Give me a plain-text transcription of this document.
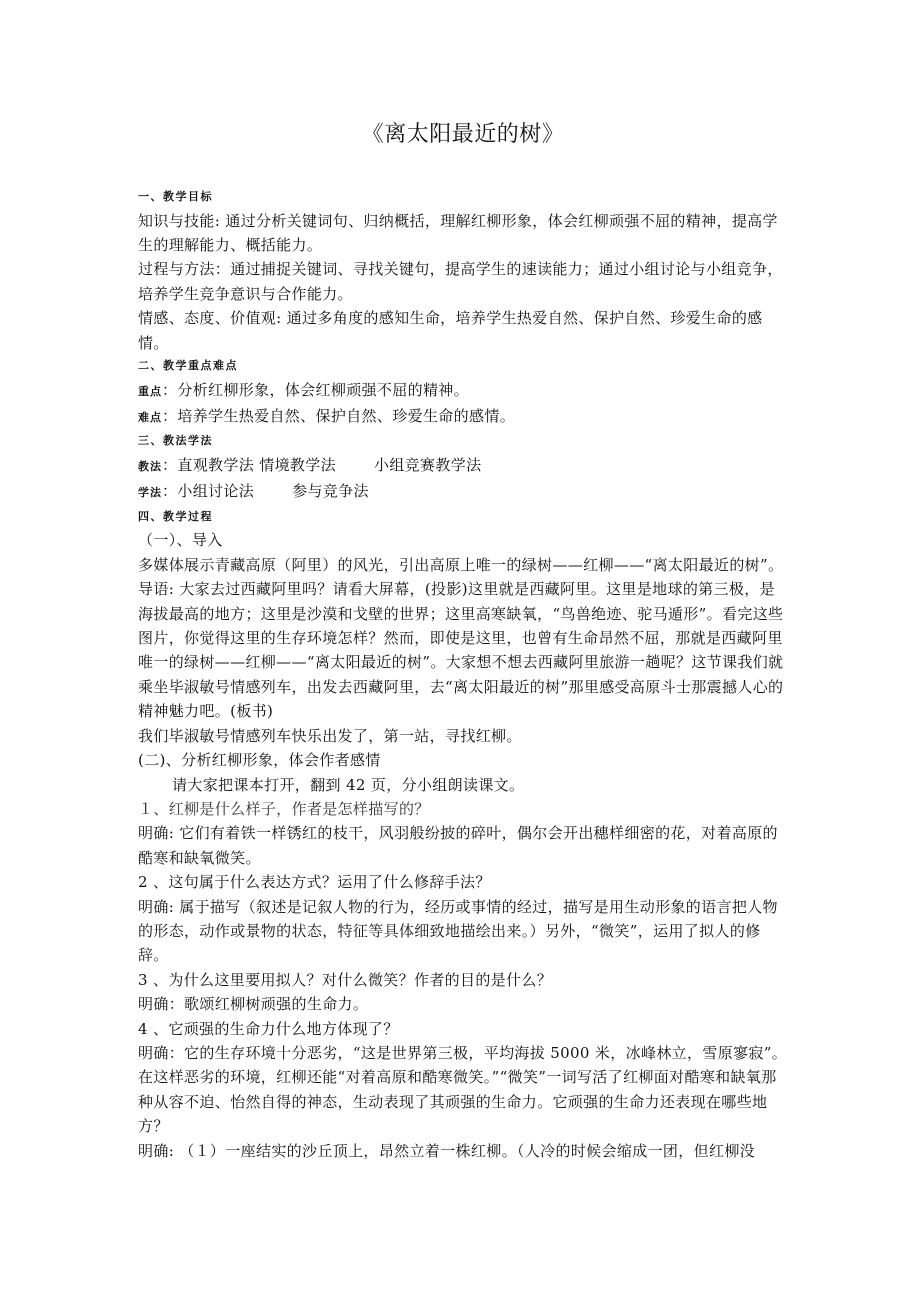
《离太阳最近的树》

一、教学目标

知识与技能: 通过分析关键词句、归纳概括，理解红柳形象，体会红柳顽强不屈的精神，提高学生的理解能力、概括能力。

过程与方法：通过捕捉关键词、寻找关键句，提高学生的速读能力；通过小组讨论与小组竞争，培养学生竞争意识与合作能力。

情感、态度、价值观: 通过多角度的感知生命，培养学生热爱自然、保护自然、珍爱生命的感情。

二、教学重点难点

重点：分析红柳形象，体会红柳顽强不屈的精神。

难点：培养学生热爱自然、保护自然、珍爱生命的感情。

三、教法学法

教法：直观教学法 情境教学法	小组竞赛教学法

学法：小组讨论法	参与竞争法

四、教学过程

（一）、导入

多媒体展示青藏高原（阿里）的风光，引出高原上唯一的绿树——红柳——“离太阳最近的树”。

导语: 大家去过西藏阿里吗？请看大屏幕，(投影)这里就是西藏阿里。这里是地球的第三极，是海拔最高的地方；这里是沙漠和戈壁的世界；这里高寒缺氧，“鸟兽绝迹、驼马遁形”。看完这些图片，你觉得这里的生存环境怎样？然而，即使是这里，也曾有生命昂然不屈，那就是西藏阿里唯一的绿树——红柳——“离太阳最近的树”。大家想不想去西藏阿里旅游一趟呢？这节课我们就乘坐毕淑敏号情感列车，出发去西藏阿里，去“离太阳最近的树”那里感受高原斗士那震撼人心的精神魅力吧。(板书)

我们毕淑敏号情感列车快乐出发了，第一站，寻找红柳。

(二)、分析红柳形象，体会作者感情

请大家把课本打开，翻到 42 页，分小组朗读课文。

１、红柳是什么样子，作者是怎样描写的？

明确: 它们有着铁一样锈红的枝干，风羽般纷披的碎叶，偶尔会开出穗样细密的花，对着高原的酷寒和缺氧微笑。

2 、这句属于什么表达方式？运用了什么修辞手法？

明确: 属于描写（叙述是记叙人物的行为，经历或事情的经过，描写是用生动形象的语言把人物的形态，动作或景物的状态，特征等具体细致地描绘出来。）另外，“微笑”，运用了拟人的修辞。

3 、为什么这里要用拟人？对什么微笑？作者的目的是什么？

明确：歌颂红柳树顽强的生命力。

4 、它顽强的生命力什么地方体现了？

明确：它的生存环境十分恶劣，“这是世界第三极，平均海拔 5000 米，冰峰林立，雪原寥寂”。在这样恶劣的环境，红柳还能“对着高原和酷寒微笑。”“微笑”一词写活了红柳面对酷寒和缺氧那种从容不迫、怡然自得的神态，生动表现了其顽强的生命力。它顽强的生命力还表现在哪些地方？

明确: （１）一座结实的沙丘顶上，昂然立着一株红柳。（人冷的时候会缩成一团，但红柳没
